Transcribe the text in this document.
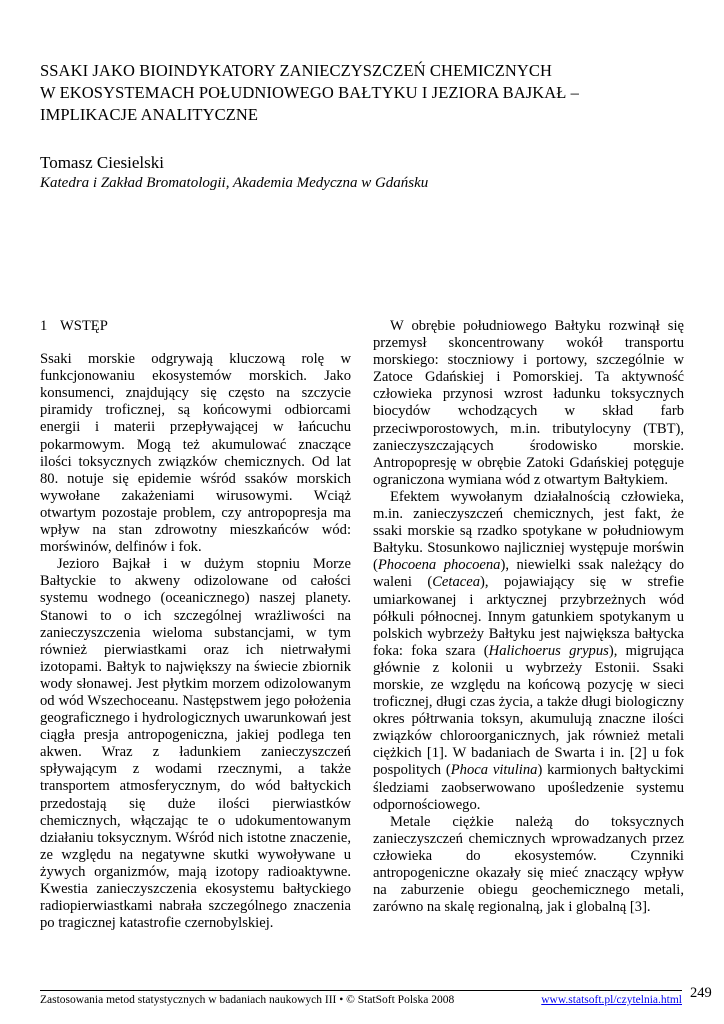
SSAKI JAKO BIOINDYKATORY ZANIECZYSZCZEŃ CHEMICZNYCH
W EKOSYSTEMACH POŁUDNIOWEGO BAŁTYKU I JEZIORA BAJKAŁ –
IMPLIKACJE ANALITYCZNE
Tomasz Ciesielski
Katedra i Zakład Bromatologii, Akademia Medyczna w Gdańsku
1 WSTĘP

Ssaki morskie odgrywają kluczową rolę w funkcjonowaniu ekosystemów morskich. Jako konsumenci, znajdujący się często na szczycie piramidy troficznej, są końcowymi odbiorcami energii i materii przepływającej w łańcuchu pokarmowym. Mogą też akumulować znaczące ilości toksycznych związków chemicznych. Od lat 80. notuje się epidemie wśród ssaków morskich wywołane zakażeniami wirusowymi. Wciąż otwartym pozostaje problem, czy antropopresja ma wpływ na stan zdrowotny mieszkańców wód: morświnów, delfinów i fok.

Jezioro Bajkał i w dużym stopniu Morze Bałtyckie to akweny odizolowane od całości systemu wodnego (oceanicznego) naszej planety. Stanowi to o ich szczególnej wrażliwości na zanieczyszczenia wieloma substancjami, w tym również pierwiastkami oraz ich nietrwałymi izotopami. Bałtyk to największy na świecie zbiornik wody słonawej. Jest płytkim morzem odizolowanym od wód Wszechoceanu. Następstwem jego położenia geograficznego i hydrologicznych uwarunkowań jest ciągła presja antropogeniczna, jakiej podlega ten akwen. Wraz z ładunkiem zanieczyszczeń spływającym z wodami rzecznymi, a także transportem atmosferycznym, do wód bałtyckich przedostają się duże ilości pierwiastków chemicznych, włączając te o udokumentowanym działaniu toksycznym. Wśród nich istotne znaczenie, ze względu na negatywne skutki wywoływane u żywych organizmów, mają izotopy radioaktywne. Kwestia zanieczyszczenia ekosystemu bałtyckiego radiopierwiastkami nabrała szczególnego znaczenia po tragicznej katastrofie czernobylskiej.

W obrębie południowego Bałtyku rozwinął się przemysł skoncentrowany wokół transportu morskiego: stoczniowy i portowy, szczególnie w Zatoce Gdańskiej i Pomorskiej. Ta aktywność człowieka przynosi wzrost ładunku toksycznych biocydów wchodzących w skład farb przeciwporostowych, m.in. tributylocyny (TBT), zanieczyszczających środowisko morskie. Antropopresję w obrębie Zatoki Gdańskiej potęguje ograniczona wymiana wód z otwartym Bałtykiem.

Efektem wywołanym działalnością człowieka, m.in. zanieczyszczeń chemicznych, jest fakt, że ssaki morskie są rzadko spotykane w południowym Bałtyku. Stosunkowo najliczniej występuje morświn (Phocoena phocoena), niewielki ssak należący do waleni (Cetacea), pojawiający się w strefie umiarkowanej i arktycznej przybrzeżnych wód półkuli północnej. Innym gatunkiem spotykanym u polskich wybrzeży Bałtyku jest największa bałtycka foka: foka szara (Halichoerus grypus), migrująca głównie z kolonii u wybrzeży Estonii. Ssaki morskie, ze względu na końcową pozycję w sieci troficznej, długi czas życia, a także długi biologiczny okres półtrwania toksyn, akumulują znaczne ilości związków chloroorganicznych, jak również metali ciężkich [1]. W badaniach de Swarta i in. [2] u fok pospolitych (Phoca vitulina) karmionych bałtyckimi śledziami zaobserwowano upośledzenie systemu odpornościowego.

Metale ciężkie należą do toksycznych zanieczyszczeń chemicznych wprowadzanych przez człowieka do ekosystemów. Czynniki antropogeniczne okazały się mieć znaczący wpływ na zaburzenie obiegu geochemicznego metali, zarówno na skalę regionalną, jak i globalną [3].

Zastosowania metod statystycznych w badaniach naukowych III • © StatSoft Polska 2008	www.statsoft.pl/czytelnia.html 249
